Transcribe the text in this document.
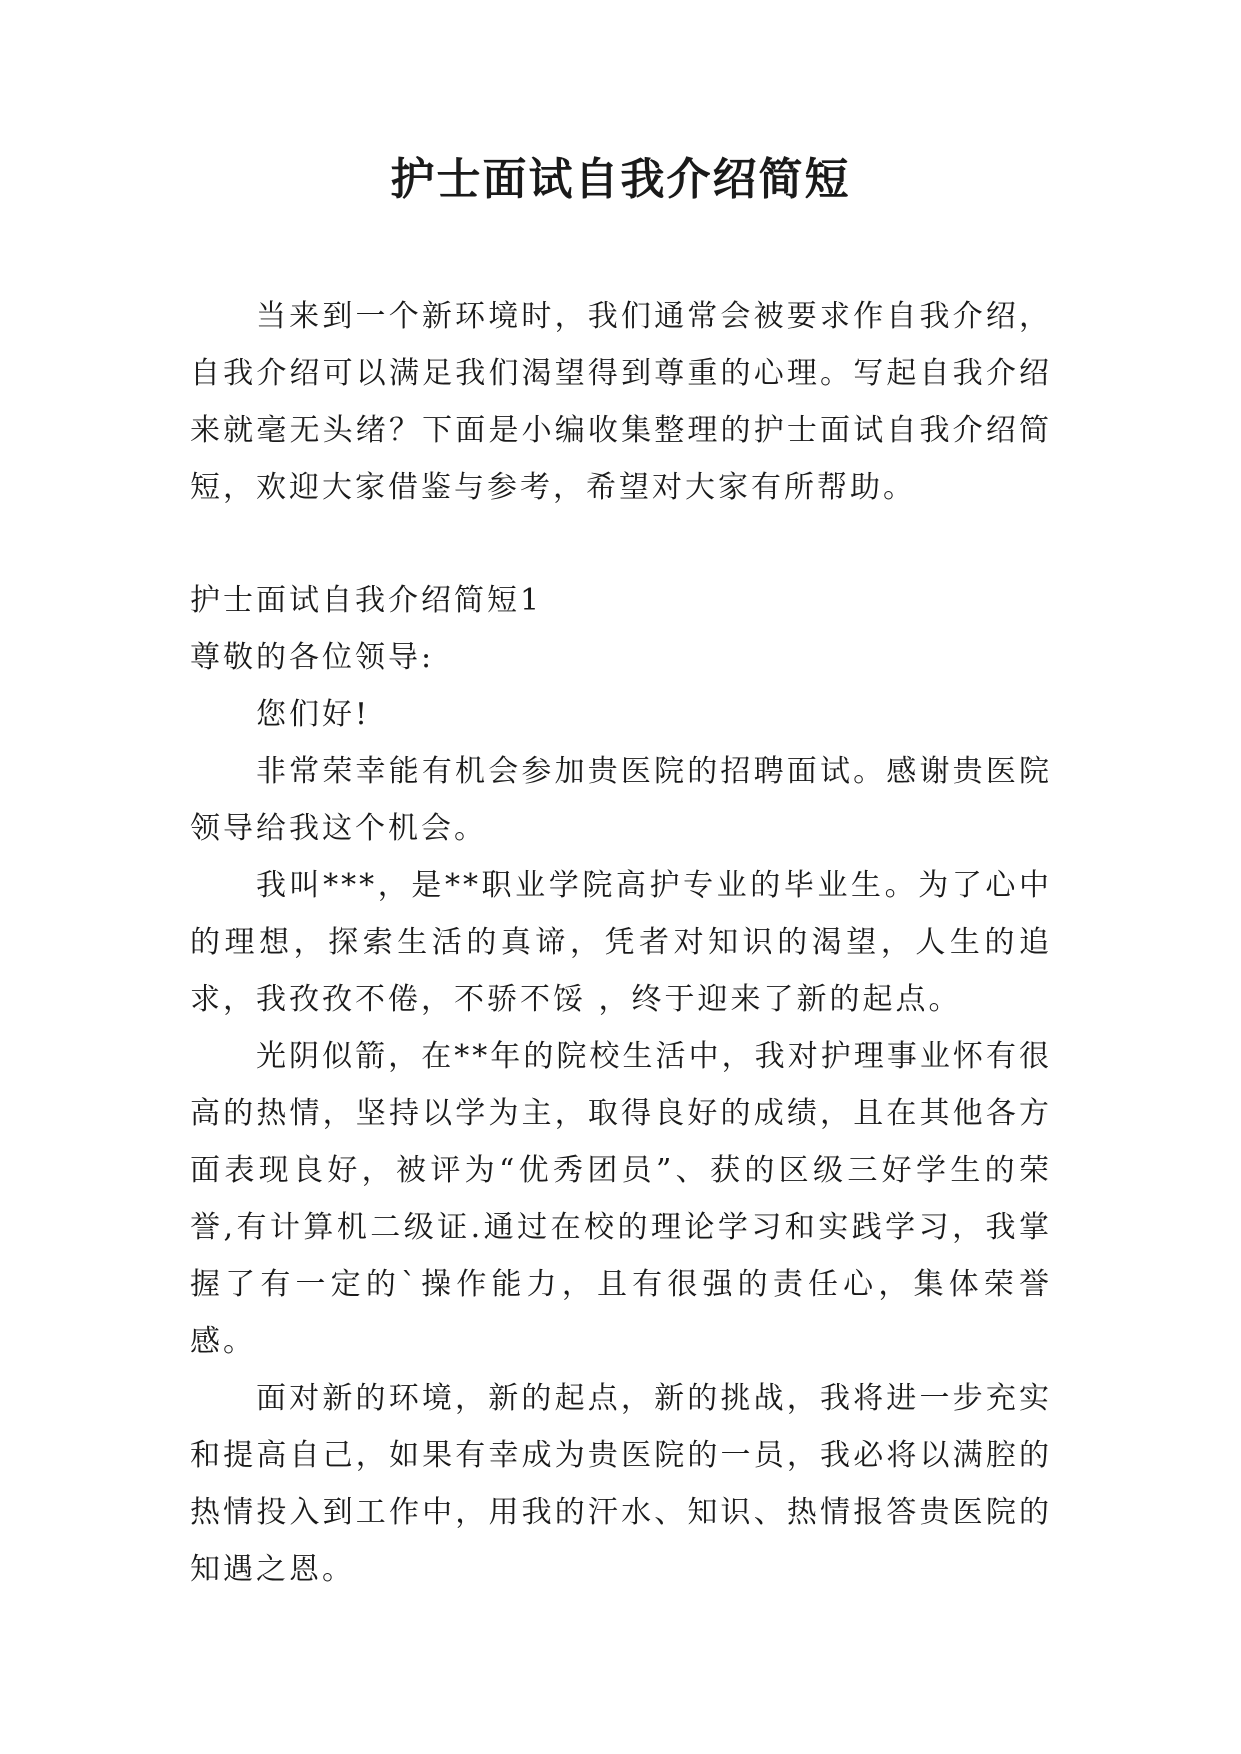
护士面试自我介绍简短

当来到一个新环境时，我们通常会被要求作自我介绍，自我介绍可以满足我们渴望得到尊重的心理。写起自我介绍来就毫无头绪？下面是小编收集整理的护士面试自我介绍简短，欢迎大家借鉴与参考，希望对大家有所帮助。

护士面试自我介绍简短1

尊敬的各位领导:

您们好!

非常荣幸能有机会参加贵医院的招聘面试。感谢贵医院领导给我这个机会。

我叫***，是**职业学院高护专业的毕业生。为了心中的理想，探索生活的真谛，凭者对知识的渴望，人生的追求，我孜孜不倦，不骄不馁 ，终于迎来了新的起点。

光阴似箭，在**年的院校生活中，我对护理事业怀有很高的热情，坚持以学为主，取得良好的成绩，且在其他各方面表现良好，被评为“优秀团员”、获的区级三好学生的荣誉,有计算机二级证.通过在校的理论学习和实践学习，我掌握了有一定的`操作能力，且有很强的责任心，集体荣誉感。

面对新的环境，新的起点，新的挑战，我将进一步充实和提高自己，如果有幸成为贵医院的一员，我必将以满腔的热情投入到工作中，用我的汗水、知识、热情报答贵医院的知遇之恩。
